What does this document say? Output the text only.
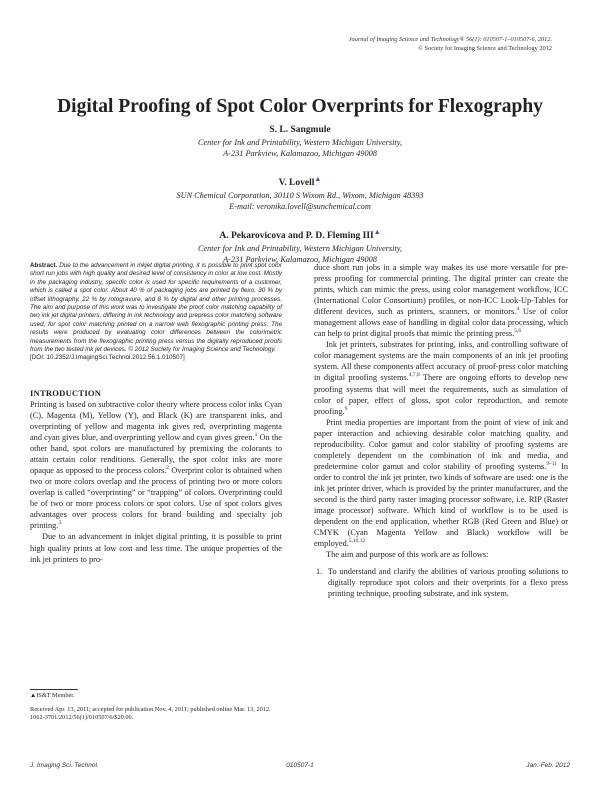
Journal of Imaging Science and Technology® 56(1): 010507-1–010507-6, 2012.
© Society for Imaging Science and Technology 2012
Digital Proofing of Spot Color Overprints for Flexography
S. L. Sangmule
Center for Ink and Printability, Western Michigan University,
A-231 Parkview, Kalamazoo, Michigan 49008
V. Lovell▲
SUN Chemical Corporation, 30110 S Wixom Rd., Wixom, Michigan 48393
E-mail: veronika.lovell@sunchemical.com
A. Pekarovicova and P. D. Fleming III▲
Center for Ink and Printability, Western Michigan University,
A-231 Parkview, Kalamazoo, Michigan 49008
Abstract. Due to the advancement in inkjet digital printing, it is possible to print spot color short run jobs with high quality and desired level of consistency in color at low cost. Mostly in the packaging industry, specific color is used for specific requirements of a customer, which is called a spot color. About 40 % of packaging jobs are printed by flexo, 30 % by offset lithography, 22 % by rotogravure, and 8 % by digital and other printing processes. The aim and purpose of this work was to investigate the proof color matching capability of two ink jet digital printers, differing in ink technology and prepress color matching software used, for spot color matching printed on a narrow web flexographic printing press. The results were produced by evaluating color differences between the colorimetric measurements from the flexographic printing press versus the digitally reproduced proofs from the two tested ink jet devices. © 2012 Society for Imaging Science and Technology.
[DOI: 10.2352/J.ImagingSci.Technol.2012.56.1.010507]
INTRODUCTION

Printing is based on subtractive color theory where process color inks Cyan (C), Magenta (M), Yellow (Y), and Black (K) are transparent inks, and overprinting of yellow and magenta ink gives red, overprinting magenta and cyan gives blue, and overprinting yellow and cyan gives green.$^1$ On the other hand, spot colors are manufactured by premixing the colorants to attain certain color renditions. Generally, the spot color inks are more opaque as opposed to the process colors.$^2$ Overprint color is obtained when two or more colors overlap and the process of printing two or more colors overlap is called “overprinting” or “trapping” of colors. Overprinting could be of two or more process colors or spot colors. Use of spot colors gives advantages over process colors for brand building and specialty job printing.$^3$

Due to an advancement in inkjet digital printing, it is possible to print high quality prints at low cost and less time. The unique properties of the ink jet printers to pro-

▲IS&T Member.
Received Apr. 13, 2011; accepted for publication Nov. 4, 2011; published online Mar. 13, 2012.
1062-3701/2012/56(1)/010507/6/$20.00.

duce short run jobs in a simple way makes its use more versatile for pre-press proofing for commercial printing. The digital printer can create the prints, which can mimic the press, using color management workflow, ICC (International Color Consortium) profiles, or non-ICC Look-Up-Tables for different devices, such as printers, scanners, or monitors.$^4$ Use of color management allows ease of handling in digital color data processing, which can help to print digital proofs that mimic the printing press.$^{5,6}$

Ink jet printers, substrates for printing, inks, and controlling software of color management systems are the main components of an ink jet proofing system. All these components affect accuracy of proof-press color matching in digital proofing systems.$^{4,7,8}$ There are ongoing efforts to develop new proofing systems that will meet the requirements, such as simulation of color of paper, effect of gloss, spot color reproduction, and remote proofing.$^9$

Print media properties are important from the point of view of ink and paper interaction and achieving desirable color matching quality, and reproducibility. Color gamut and color stability of proofing systems are completely dependent on the combination of ink and media, and predetermine color gamut and color stability of proofing systems.$^{9-11}$ In order to control the ink jet printer, two kinds of software are used: one is the ink jet printer driver, which is provided by the printer manufacturer, and the second is the third party raster imaging processor software, i.e. RIP (Raster image processor) software. Which kind of workflow is to be used is dependent on the end application, whether RGB (Red Green and Blue) or CMYK (Cyan Magenta Yellow and Black) workflow will be employed.$^{5,10,12}$

The aim and purpose of this work are as follows:

1. To understand and clarify the abilities of various proofing solutions to digitally reproduce spot colors and their overprints for a flexo press printing technique, proofing substrate, and ink system.
J. Imaging Sci. Technol.	010507-1	Jan.-Feb. 2012
